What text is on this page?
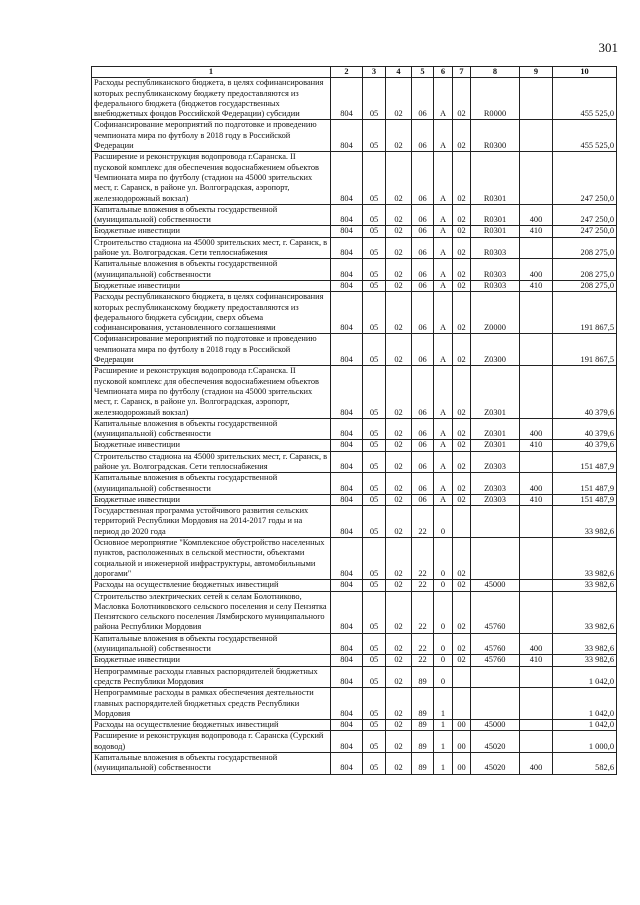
301
1	2	3	4	5	6	7	8	9	10
Расходы республиканского бюджета, в целях софинансирования которых республиканскому бюджету предоставляются из федерального бюджета (бюджетов государственных внебюджетных фондов Российской Федерации) субсидии	804	05	02	06	А	02	R0000		455 525,0
Софинансирование мероприятий по подготовке и проведению чемпионата мира по футболу в 2018 году в Российской Федерации	804	05	02	06	А	02	R0300		455 525,0
Расширение и реконструкция водопровода г.Саранска. II пусковой комплекс для обеспечения водоснабжением объектов Чемпионата мира по футболу (стадион на 45000 зрительских мест, г. Саранск, в районе ул. Волгоградская, аэропорт, железнодорожный вокзал)	804	05	02	06	А	02	R0301		247 250,0
Капитальные вложения в объекты государственной (муниципальной) собственности	804	05	02	06	А	02	R0301	400	247 250,0
Бюджетные инвестиции	804	05	02	06	А	02	R0301	410	247 250,0
Строительство стадиона на 45000 зрительских мест, г. Саранск, в районе ул. Волгоградская. Сети теплоснабжения	804	05	02	06	А	02	R0303		208 275,0
Капитальные вложения в объекты государственной (муниципальной) собственности	804	05	02	06	А	02	R0303	400	208 275,0
Бюджетные инвестиции	804	05	02	06	А	02	R0303	410	208 275,0
Расходы республиканского бюджета, в целях софинансирования которых республиканскому бюджету предоставляются из федерального бюджета субсидии, сверх объема софинансирования, установленного соглашениями	804	05	02	06	А	02	Z0000		191 867,5
Софинансирование мероприятий по подготовке и проведению чемпионата мира по футболу в 2018 году в Российской Федерации	804	05	02	06	А	02	Z0300		191 867,5
Расширение и реконструкция водопровода г.Саранска. II пусковой комплекс для обеспечения водоснабжением объектов Чемпионата мира по футболу (стадион на 45000 зрительских мест, г. Саранск, в районе ул. Волгоградская, аэропорт, железнодорожный вокзал)	804	05	02	06	А	02	Z0301		40 379,6
Капитальные вложения в объекты государственной (муниципальной) собственности	804	05	02	06	А	02	Z0301	400	40 379,6
Бюджетные инвестиции	804	05	02	06	А	02	Z0301	410	40 379,6
Строительство стадиона на 45000 зрительских мест, г. Саранск, в районе ул. Волгоградская. Сети теплоснабжения	804	05	02	06	А	02	Z0303		151 487,9
Капитальные вложения в объекты государственной (муниципальной) собственности	804	05	02	06	А	02	Z0303	400	151 487,9
Бюджетные инвестиции	804	05	02	06	А	02	Z0303	410	151 487,9
Государственная программа устойчивого развития сельских территорий Республики Мордовия на 2014-2017 годы и на период до 2020 года	804	05	02	22	0				33 982,6
Основное мероприятие "Комплексное обустройство населенных пунктов, расположенных в сельской местности, объектами социальной и инженерной инфраструктуры, автомобильными дорогами"	804	05	02	22	0	02			33 982,6
Расходы на осуществление бюджетных инвестиций	804	05	02	22	0	02	45000		33 982,6
Строительство электрических сетей к селам Болотниково, Масловка Болотниковского сельского поселения и селу Пензятка Пензятского сельского поселения Лямбирского муниципального района Республики Мордовия	804	05	02	22	0	02	45760		33 982,6
Капитальные вложения в объекты государственной (муниципальной) собственности	804	05	02	22	0	02	45760	400	33 982,6
Бюджетные инвестиции	804	05	02	22	0	02	45760	410	33 982,6
Непрограммные расходы главных распорядителей бюджетных средств Республики Мордовия	804	05	02	89	0				1 042,0
Непрограммные расходы в рамках обеспечения деятельности главных распорядителей бюджетных средств Республики Мордовия	804	05	02	89	1				1 042,0
Расходы на осуществление бюджетных инвестиций	804	05	02	89	1	00	45000		1 042,0
Расширение и реконструкция водопровода г. Саранска (Сурский водовод)	804	05	02	89	1	00	45020		1 000,0
Капитальные вложения в объекты государственной (муниципальной) собственности	804	05	02	89	1	00	45020	400	582,6
